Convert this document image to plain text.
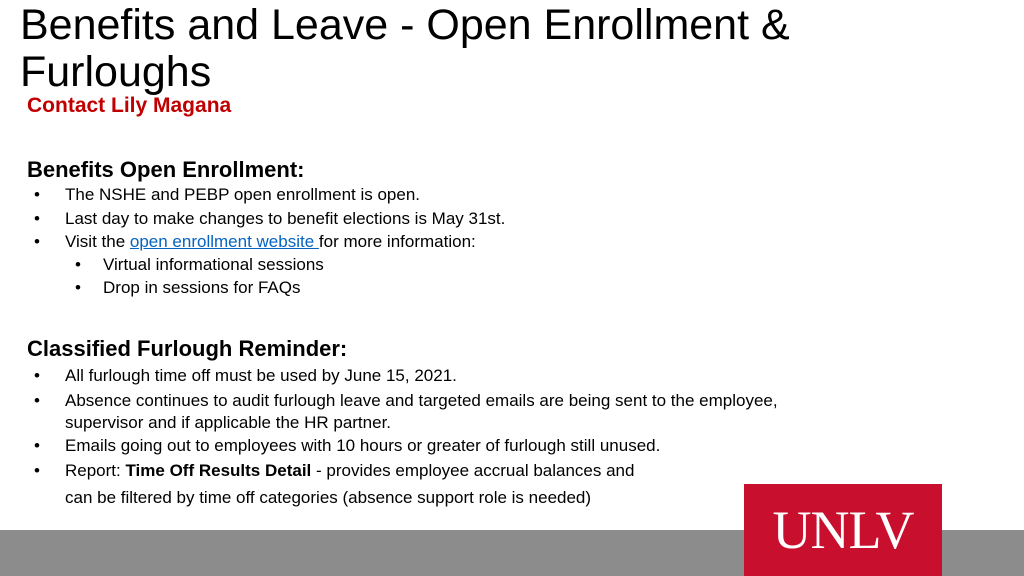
Benefits and Leave - Open Enrollment & Furloughs
Contact Lily Magana
Benefits Open Enrollment:
• The NSHE and PEBP open enrollment is open.
• Last day to make changes to benefit elections is May 31st.
• Visit the open enrollment website for more information:
• Virtual informational sessions
• Drop in sessions for FAQs
Classified Furlough Reminder:
• All furlough time off must be used by June 15, 2021.
• Absence continues to audit furlough leave and targeted emails are being sent to the employee,
supervisor and if applicable the HR partner.
• Emails going out to employees with 10 hours or greater of furlough still unused.
• Report: Time Off Results Detail - provides employee accrual balances and
can be filtered by time off categories (absence support role is needed)
UNLV
